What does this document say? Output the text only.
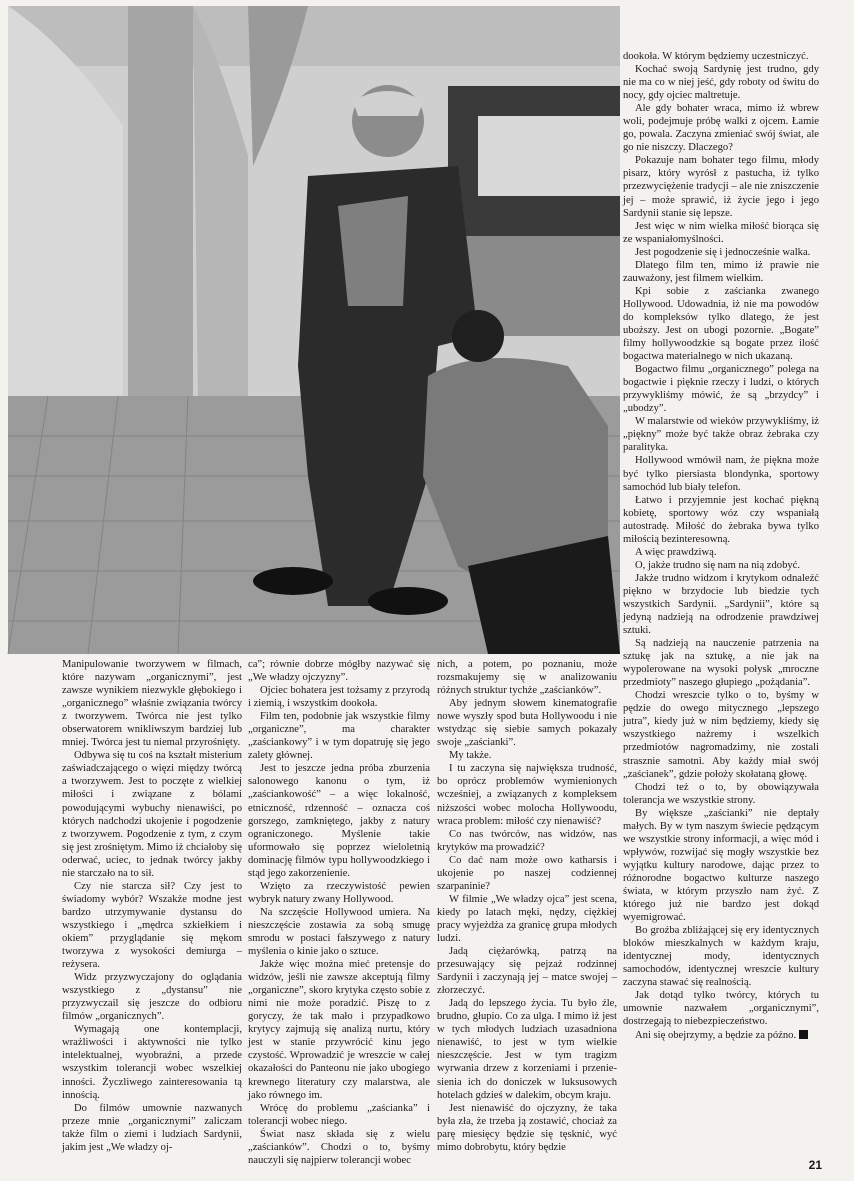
Manipulowanie tworzywem w filmach, które nazywam „organicznymi”, jest zawsze wynikiem niezwykle głębokiego i „organicznego” właśnie związania twórcy z tworzywem. Twórca nie jest tylko obserwatorem wnikliwszym bardziej lub mniej. Twórca jest tu niemal przyrośnięty.

Odbywa się tu coś na kształt misterium zaświadczającego o więzi między twórcą a tworzywem. Jest to poczęte z wielkiej miłości i związane z bólami powodującymi wybuchy nienawiści, po których nadchodzi ukojenie i pogodzenie z tworzywem. Pogodzenie z tym, z czym się jest zrośniętym. Mimo iż chciałoby się oderwać, uciec, to jednak twórcy jakby nie starczało na to sił.

Czy nie starcza sił? Czy jest to świadomy wybór? Wszakże modne jest bardzo utrzymywanie dystansu do wszystkiego i „mędrca szkiełkiem i okiem” przyglądanie się mękom tworzywa z wysokości demiurga – reżysera.

Widz przyzwyczajony do oglądania wszystkiego z „dystansu” nie przyzwyczail się jeszcze do odbioru filmów „organicznych”.

Wymagają one kontemplacji, wrażliwości i aktywności nie tylko intelektualnej, wyobraźni, a przede wszystkim tolerancji wobec wszelkiej inności. Życzliwego zainteresowania tą innością.

Do filmów umownie nazwanych przeze mnie „organicznymi” zaliczam także film o ziemi i ludziach Sardynii, jakim jest „We władzy oj-

ca”; równie dobrze mógłby nazywać się „We władzy ojczyzny”.

Ojciec bohatera jest tożsamy z przyrodą i ziemią, i wszystkim dookoła.

Film ten, podobnie jak wszystkie filmy „organiczne”, ma charakter „zaściankowy” i w tym dopatruję się jego zalety głównej.

Jest to jeszcze jedna próba zburzenia salonowego kanonu o tym, iż „zaściankowość” – a więc lokalność, etniczność, rdzenność – oznacza coś gorszego, zamkniętego, jakby z natury ograniczonego. Myślenie takie uformowało się poprzez wieloletnią dominację filmów typu hollywoodzkiego i stąd jego zakorzenienie.

Wzięto za rzeczywistość pewien wybryk natury zwany Hollywood.

Na szczęście Hollywood umiera. Na nieszczęście zostawia za sobą smugę smrodu w postaci fałszywego z natury myślenia o kinie jako o sztuce.

Jakże więc można mieć pretensje do widzów, jeśli nie zawsze akceptują filmy „organiczne”, skoro krytyka często sobie z nimi nie może poradzić. Piszę to z goryczy, że tak mało i przypadkowo krytycy zajmują się analizą nurtu, który jest w stanie przywrócić kinu jego czystość. Wprowadzić je wreszcie w całej okazałości do Panteonu nie jako ubogiego krewnego literatury czy malarstwa, ale jako równego im.

Wrócę do problemu „zaścianka” i tolerancji wobec niego.

Świat nasz składa się z wielu „zaścianków”. Chodzi o to, byśmy nauczyli się najpierw tolerancji wobec

nich, a potem, po poznaniu, może rozsmakujemy się w analizowaniu różnych struktur tychże „zaścianków”.

Aby jednym słowem kinematografie nowe wyszły spod buta Hollywoodu i nie wstydząc się siebie samych pokazały swoje „zaścianki”.

My także.

I tu zaczyna się największa trudność, bo oprócz problemów wymienionych wcześniej, a związanych z kompleksem niższości wobec molocha Hollywoodu, wraca problem: miłość czy nienawiść?

Co nas twórców, nas widzów, nas krytyków ma prowadzić?

Co dać nam może owo katharsis i ukojenie po naszej codziennej szarpaninie?

W filmie „We władzy ojca” jest scena, kiedy po latach męki, nędzy, ciężkiej pracy wyjeżdża za granicę grupa młodych ludzi.

Jadą ciężarówką, patrzą na przesuwający się pejzaż rodzinnej Sardynii i zaczynają jej – matce swojej – złorzeczyć.

Jadą do lepszego życia. Tu było źle, brudno, głupio. Co za ulga. I mimo iż jest w tych młodych ludziach uzasadniona nienawiść, to jest w tym wielkie nieszczęście. Jest w tym tragizm wyrwania drzew z korzeniami i przenie- sienia ich do doniczek w luksusowych hotelach gdzieś w dalekim, obcym kraju.

Jest nienawiść do ojczyzny, że taka była zła, że trzeba ją zostawić, chociaż za parę miesięcy będzie się tęsknić, wyć mimo dobrobytu, który będzie

dookoła. W którym będziemy uczestniczyć.

Kochać swoją Sardynię jest trudno, gdy nie ma co w niej jeść, gdy roboty od świtu do nocy, gdy ojciec maltretuje.

Ale gdy bohater wraca, mimo iż wbrew woli, podejmuje próbę walki z ojcem. Łamie go, powala. Zaczyna zmieniać swój świat, ale go nie niszczy. Dlaczego?

Pokazuje nam bohater tego filmu, młody pisarz, który wyrósł z pastucha, iż tylko przezwyciężenie tradycji – ale nie zniszczenie jej – może sprawić, iż życie jego i jego Sardynii stanie się lepsze.

Jest więc w nim wielka miłość biorąca się ze wspaniałomyślności.

Jest pogodzenie się i jednocześnie walka.

Dlatego film ten, mimo iż prawie nie zauważony, jest filmem wielkim.

Kpi sobie z zaścianka zwanego Hollywood. Udowadnia, iż nie ma powodów do kompleksów tylko dlatego, że jest uboższy. Jest on ubogi pozornie. „Bogate” filmy hollywoodzkie są bogate przez ilość bogactwa materialnego w nich ukazaną.

Bogactwo filmu „organicznego” polega na bogactwie i pięknie rzeczy i ludzi, o których przywykliśmy mówić, że są „brzydcy” i „ubodzy”.

W malarstwie od wieków przywykliśmy, iż „piękny” może być także obraz żebraka czy paralityka.

Hollywood wmówił nam, że piękna może być tylko piersiasta blondynka, sportowy samochód lub biały telefon.

Łatwo i przyjemnie jest kochać piękną kobietę, sportowy wóz czy wspaniałą autostradę. Miłość do żebraka bywa tylko miłością bezinteresowną.

A więc prawdziwą.

O, jakże trudno się nam na nią zdobyć.

Jakże trudno widzom i krytykom odnaleźć piękno w brzydocie lub biedzie tych wszystkich Sardynii. „Sardynii”, które są jedyną nadzieją na odrodzenie prawdziwej sztuki.

Są nadzieją na nauczenie patrzenia na sztukę jak na sztukę, a nie jak na wypolerowane na wysoki połysk „mroczne przedmioty” naszego głupiego „pożądania”.

Chodzi wreszcie tylko o to, byśmy w pędzie do owego mitycznego „lepszego jutra”, kiedy już w nim będziemy, kiedy się wszystkiego nażremy i wszelkich przedmiotów nagromadzimy, nie zostali strasznie samotni. Aby każdy miał swój „zaścianek”, gdzie położy skołataną głowę.

Chodzi też o to, by obowiązywała tolerancja we wszystkie strony.

By większe „zaścianki” nie deptały małych. By w tym naszym świecie pędzącym we wszystkie strony informacji, a więc mód i wpływów, rozwijać się mogły wszystkie bez wyjątku kultury narodowe, dając przez to różnorodne bogactwo kulturze naszego świata, w którym przyszło nam żyć. Z którego już nie bardzo jest dokąd wyemigrować.

Bo groźba zbliżającej się ery identycznych bloków mieszkalnych w każdym kraju, identycznej mody, identycznych samochodów, identycznej wreszcie kultury zaczyna stawać się realnością.

Jak dotąd tylko twórcy, których tu umownie nazwałem „organicznymi”, dostrzegają to niebezpieczeństwo.

Ani się obejrzymy, a będzie za późno.

21
